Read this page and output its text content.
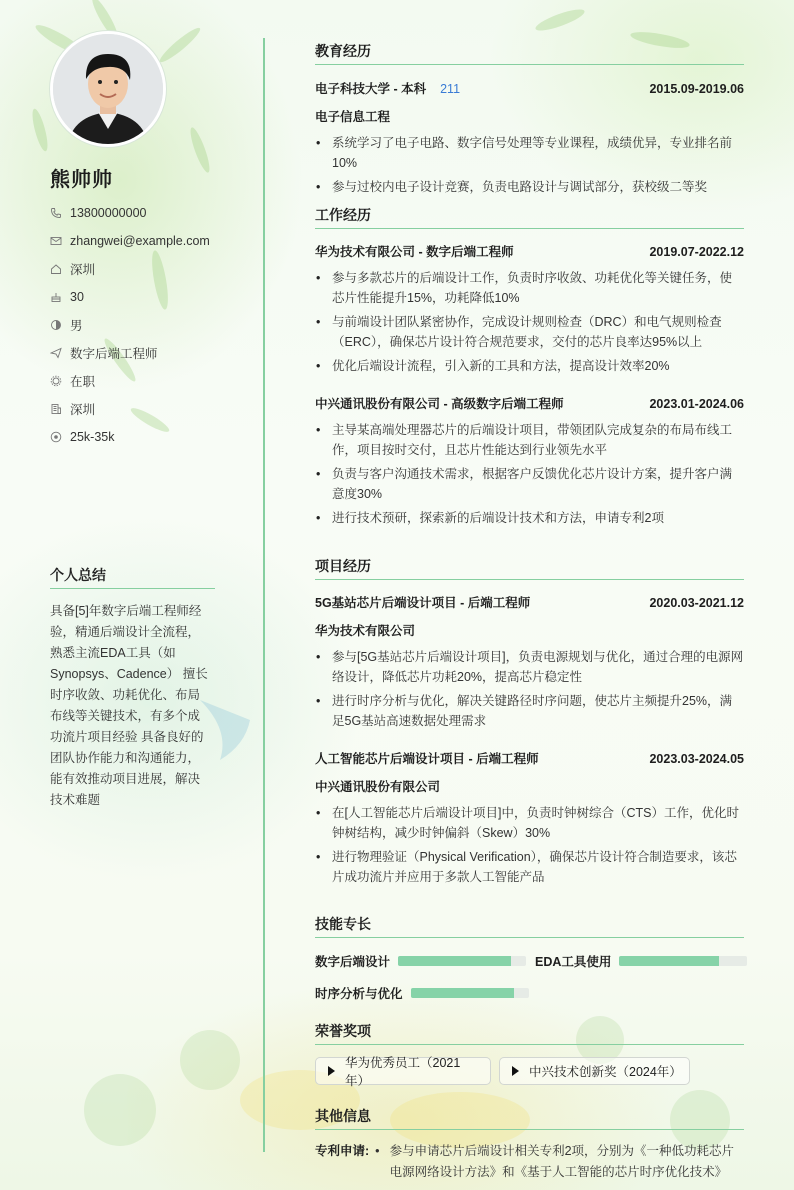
熊帅帅
13800000000
zhangwei@example.com
深圳
30
男
数字后端工程师
在职
深圳
25k-35k
个人总结
具备[5]年数字后端工程师经验，精通后端设计全流程，熟悉主流EDA工具（如Synopsys、Cadence） 擅长时序收敛、功耗优化、布局布线等关键技术，有多个成功流片项目经验 具备良好的团队协作能力和沟通能力，能有效推动项目进展，解决技术难题
教育经历
电子科技大学 - 本科 211	2015.09-2019.06
电子信息工程
• 系统学习了电子电路、数字信号处理等专业课程，成绩优异，专业排名前10%
• 参与过校内电子设计竞赛，负责电路设计与调试部分，获校级二等奖
工作经历
华为技术有限公司 - 数字后端工程师	2019.07-2022.12
• 参与多款芯片的后端设计工作，负责时序收敛、功耗优化等关键任务，使芯片性能提升15%，功耗降低10%
• 与前端设计团队紧密协作，完成设计规则检查（DRC）和电气规则检查（ERC），确保芯片设计符合规范要求，交付的芯片良率达95%以上
• 优化后端设计流程，引入新的工具和方法，提高设计效率20%
中兴通讯股份有限公司 - 高级数字后端工程师	2023.01-2024.06
• 主导某高端处理器芯片的后端设计项目，带领团队完成复杂的布局布线工作，项目按时交付，且芯片性能达到行业领先水平
• 负责与客户沟通技术需求，根据客户反馈优化芯片设计方案，提升客户满意度30%
• 进行技术预研，探索新的后端设计技术和方法，申请专利2项
项目经历
5G基站芯片后端设计项目 - 后端工程师	2020.03-2021.12
华为技术有限公司
• 参与[5G基站芯片后端设计项目]，负责电源规划与优化，通过合理的电源网络设计，降低芯片功耗20%，提高芯片稳定性
• 进行时序分析与优化，解决关键路径时序问题，使芯片主频提升25%，满足5G基站高速数据处理需求
人工智能芯片后端设计项目 - 后端工程师	2023.03-2024.05
中兴通讯股份有限公司
• 在[人工智能芯片后端设计项目]中，负责时钟树综合（CTS）工作，优化时钟树结构，减少时钟偏斜（Skew）30%
• 进行物理验证（Physical Verification），确保芯片设计符合制造要求，该芯片成功流片并应用于多款人工智能产品
技能专长
数字后端设计	EDA工具使用
时序分析与优化
荣誉奖项
华为优秀员工（2021年）
中兴技术创新奖（2024年）
其他信息
专利申请: • 参与申请芯片后端设计相关专利2项，分别为《一种低功耗芯片电源网络设计方法》和《基于人工智能的芯片时序优化技术》
